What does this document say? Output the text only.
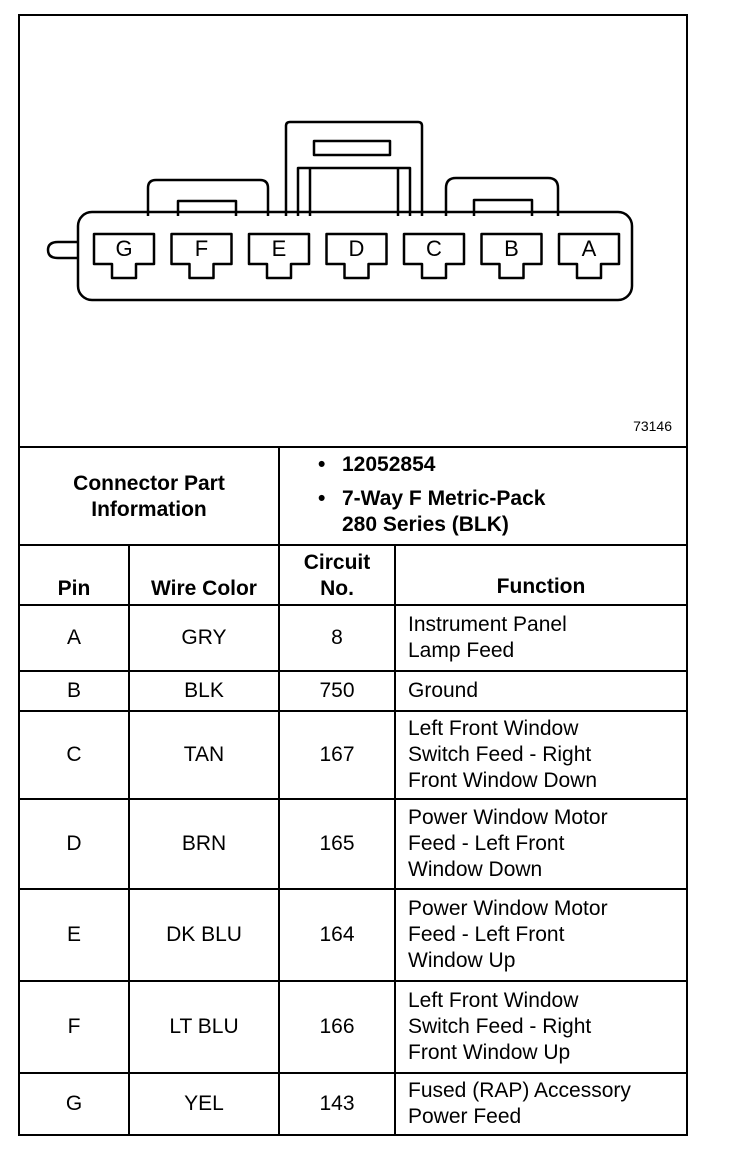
G	F	E	D	C	B	A
73146
Connector Part
Information
• 12052854
• 7-Way F Metric-Pack
280 Series (BLK)
Pin	Wire Color
Circuit
No.	Function
A	GRY	8
Instrument Panel
Lamp Feed
B	BLK	750	Ground
C	TAN	167
Left Front Window
Switch Feed - Right
Front Window Down
D	BRN	165
Power Window Motor
Feed - Left Front
Window Down
E	DK BLU	164
Power Window Motor
Feed - Left Front
Window Up
F	LT BLU	166
Left Front Window
Switch Feed - Right
Front Window Up
G	YEL	143
Fused (RAP) Accessory
Power Feed
